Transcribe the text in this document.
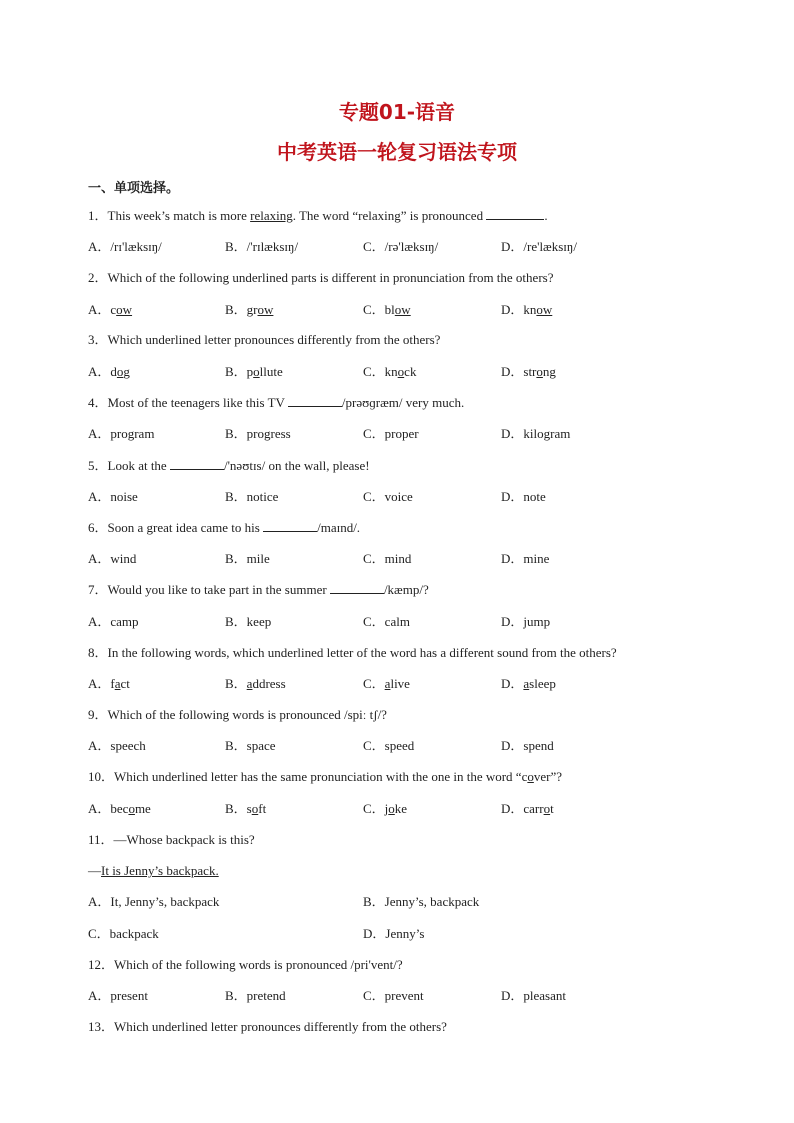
专题01-语音
中考英语一轮复习语法专项
一、单项选择。
1．This week’s match is more relaxing. The word “relaxing” is pronounced	.
A．/rɪ'læksɪŋ/	B．/'rɪlæksɪŋ/	C．/rə'læksɪŋ/	D．/re'læksɪŋ/
2．Which of the following underlined parts is different in pronunciation from the others?
A．cow	B．grow	C．blow	D．know
3．Which underlined letter pronounces differently from the others?
A．dog	B．pollute	C．knock	D．strong
4．Most of the teenagers like this TV	/prəʊɡræm/ very much.
A．program	B．progress	C．proper	D．kilogram
5．Look at the	/'nəʊtɪs/ on the wall, please!
A．noise	B．notice	C．voice	D．note
6．Soon a great idea came to his	/maɪnd/.
A．wind	B．mile	C．mind	D．mine
7．Would you like to take part in the summer	/kæmp/?
A．camp	B．keep	C．calm	D．jump
8．In the following words, which underlined letter of the word has a different sound from the others?
A．fact	B．address	C．alive	D．asleep
9．Which of the following words is pronounced /spiː tʃ/?
A．speech	B．space	C．speed	D．spend
10．Which underlined letter has the same pronunciation with the one in the word “cover”?
A．become	B．soft	C．joke	D．carrot
11．—Whose backpack is this?
—It is Jenny’s backpack.
A．It, Jenny’s, backpack	B．Jenny’s, backpack
C．backpack	D．Jenny’s
12．Which of the following words is pronounced /pri'vent/?
A．present	B．pretend	C．prevent	D．pleasant
13．Which underlined letter pronounces differently from the others?
